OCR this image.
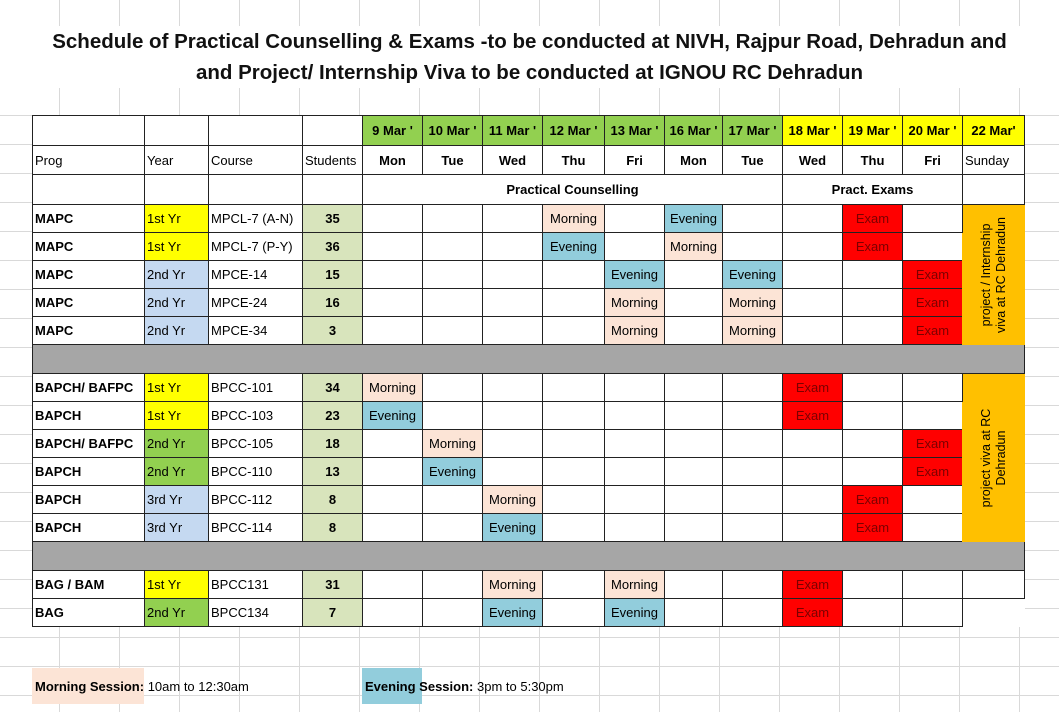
Schedule of Practical Counselling & Exams -to be conducted at NIVH, Rajpur Road, Dehradun and
and Project/ Internship Viva to be conducted at IGNOU RC Dehradun
				9 Mar '	10 Mar '	11 Mar '	12 Mar '	13 Mar '	16 Mar '	17 Mar '	18 Mar '	19 Mar '	20 Mar '	22 Mar'
Prog	Year	Course	Students	Mon	Tue	Wed	Thu	Fri	Mon	Tue	Wed	Thu	Fri	Sunday
				Practical Counselling							Pract. Exams			
MAPC	1st Yr	MPCL-7 (A-N)	35				Morning		Evening			Exam		project / Internship viva at RC Dehradun

MAPC	1st Yr	MPCL-7 (P-Y)	36				Evening		Morning			Exam		
MAPC	2nd Yr	MPCE-14	15					Evening		Evening			Exam	
MAPC	2nd Yr	MPCE-24	16					Morning		Morning			Exam	
MAPC	2nd Yr	MPCE-34	3					Morning		Morning			Exam	

BAPCH/ BAFPC	1st Yr	BPCC-101	34	Morning							Exam			project viva at RC Dehradun

BAPCH	1st Yr	BPCC-103	23	Evening							Exam			
BAPCH/ BAFPC	2nd Yr	BPCC-105	18		Morning								Exam	
BAPCH	2nd Yr	BPCC-110	13		Evening								Exam	
BAPCH	3rd Yr	BPCC-112	8			Morning						Exam		
BAPCH	3rd Yr	BPCC-114	8			Evening						Exam		

BAG / BAM	1st Yr	BPCC131	31			Morning		Morning			Exam			
BAG	2nd Yr	BPCC134	7			Evening		Evening			Exam			
Morning Session: 10am to 12:30am	Evening Session: 3pm to 5:30pm
